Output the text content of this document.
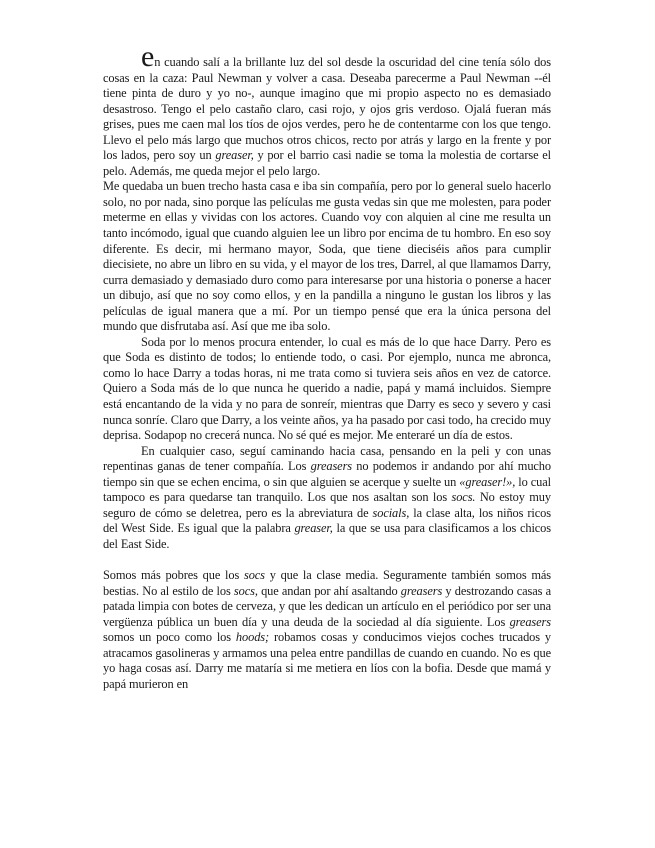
en cuando salí a la brillante luz del sol desde la oscuridad del cine tenía sólo dos cosas en la caza: Paul Newman y volver a casa. Deseaba parecerme a Paul Newman --él tiene pinta de duro y yo no-, aunque imagino que mi propio aspecto no es demasiado desastroso. Tengo el pelo castaño claro, casi rojo, y ojos gris verdoso. Ojalá fueran más grises, pues me caen mal los tíos de ojos verdes, pero he de contentarme con los que tengo. Llevo el pelo más largo que muchos otros chicos, recto por atrás y largo en la frente y por los lados, pero soy un greaser, y por el barrio casi nadie se toma la molestia de cortarse el pelo. Además, me queda mejor el pelo largo.

Me quedaba un buen trecho hasta casa e iba sin compañía, pero por lo general suelo hacerlo solo, no por nada, sino porque las películas me gusta vedas sin que me molesten, para poder meterme en ellas y vividas con los actores. Cuando voy con alquien al cine me resulta un tanto incómodo, igual que cuando alguien lee un libro por encima de tu hombro. En eso soy diferente. Es decir, mi hermano mayor, Soda, que tiene dieciséis años para cumplir diecisiete, no abre un libro en su vida, y el mayor de los tres, Darrel, al que llamamos Darry, curra demasiado y demasiado duro como para interesarse por una historia o ponerse a hacer un dibujo, así que no soy como ellos, y en la pandilla a ninguno le gustan los libros y las películas de igual manera que a mí. Por un tiempo pensé que era la única persona del mundo que disfrutaba así. Así que me iba solo.

Soda por lo menos procura entender, lo cual es más de lo que hace Darry. Pero es que Soda es distinto de todos; lo entiende todo, o casi. Por ejemplo, nunca me abronca, como lo hace Darry a todas horas, ni me trata como si tuviera seis años en vez de catorce. Quiero a Soda más de lo que nunca he querido a nadie, papá y mamá incluidos. Siempre está encantando de la vida y no para de sonreír, mientras que Darry es seco y severo y casi nunca sonríe. Claro que Darry, a los veinte años, ya ha pasado por casi todo, ha crecido muy deprisa. Sodapop no crecerá nunca. No sé qué es mejor. Me enteraré un día de estos.

En cualquier caso, seguí caminando hacia casa, pensando en la peli y con unas repentinas ganas de tener compañía. Los greasers no podemos ir andando por ahí mucho tiempo sin que se echen encima, o sin que alguien se acerque y suelte un «greaser!», lo cual tampoco es para quedarse tan tranquilo. Los que nos asaltan son los socs. No estoy muy seguro de cómo se deletrea, pero es la abreviatura de socials, la clase alta, los niños ricos del West Side. Es igual que la palabra greaser, la que se usa para clasificamos a los chicos del East Side.

Somos más pobres que los socs y que la clase media. Seguramente también somos más bestias. No al estilo de los socs, que andan por ahí asaltando greasers y destrozando casas a patada limpia con botes de cerveza, y que les dedican un artículo en el periódico por ser una vergüenza pública un buen día y una deuda de la sociedad al día siguiente. Los greasers somos un poco como los hoods; robamos cosas y conducimos viejos coches trucados y atracamos gasolineras y armamos una pelea entre pandillas de cuando en cuando. No es que yo haga cosas así. Darry me mataría si me metiera en líos con la bofia. Desde que mamá y papá murieron en
